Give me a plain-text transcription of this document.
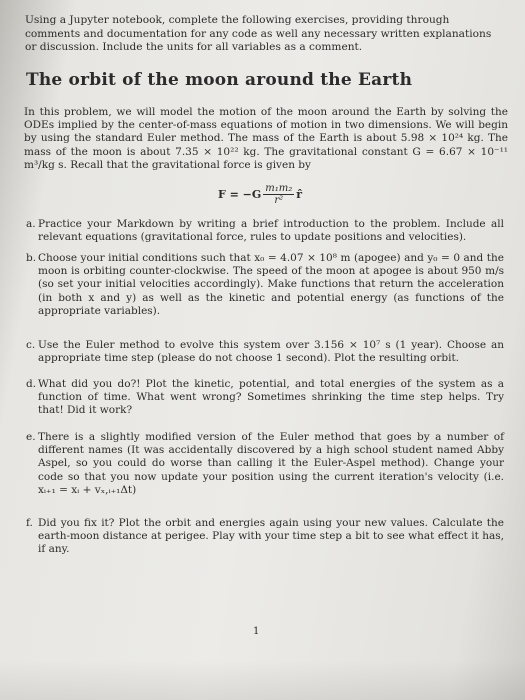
Using a Jupyter notebook, complete the following exercises, providing through comments and documentation for any code as well any necessary written explanations or discussion. Include the units for all variables as a comment.
The orbit of the moon around the Earth
In this problem, we will model the motion of the moon around the Earth by solving the ODEs implied by the center-of-mass equations of motion in two dimensions. We will begin by using the standard Euler method. The mass of the Earth is about 5.98 × 10²⁴ kg. The mass of the moon is about 7.35 × 10²² kg. The gravitational constant G = 6.67 × 10⁻¹¹ m³/kg s. Recall that the gravitational force is given by
$F = -G \frac{\text{m₁m₂}}{\text{r²}}$ r̂
a. Practice your Markdown by writing a brief introduction to the problem. Include all relevant equations (gravitational force, rules to update positions and velocities).
b. Choose your initial conditions such that x₀ = 4.07 × 10⁸ m (apogee) and y₀ = 0 and the moon is orbiting counter-clockwise. The speed of the moon at apogee is about 950 m/s (so set your initial velocities accordingly). Make functions that return the acceleration (in both x and y) as well as the kinetic and potential energy (as functions of the appropriate variables).
c. Use the Euler method to evolve this system over 3.156 × 10⁷ s (1 year). Choose an appropriate time step (please do not choose 1 second). Plot the resulting orbit.
d. What did you do?! Plot the kinetic, potential, and total energies of the system as a function of time. What went wrong? Sometimes shrinking the time step helps. Try that! Did it work?
e. There is a slightly modified version of the Euler method that goes by a number of different names (It was accidentally discovered by a high school student named Abby Aspel, so you could do worse than calling it the Euler-Aspel method). Change your code so that you now update your position using the current iteration's velocity (i.e. xᵢ₊₁ = xᵢ + vₓ,ᵢ₊₁Δt)
f. Did you fix it? Plot the orbit and energies again using your new values. Calculate the earth-moon distance at perigee. Play with your time step a bit to see what effect it has, if any.
1
